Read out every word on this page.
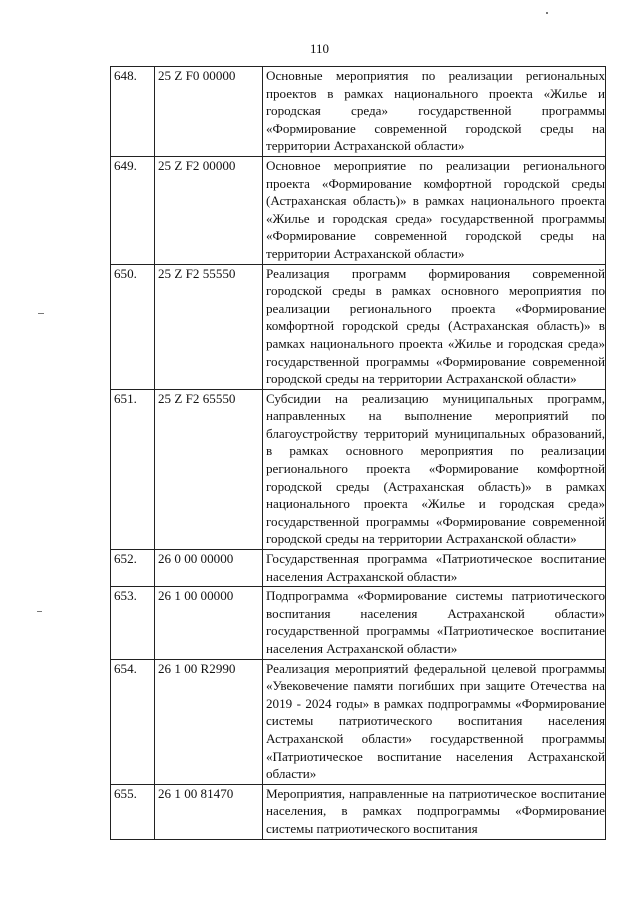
110
648.	25 Z F0 00000	Основные мероприятия по реализации региональных проектов в рамках национального проекта «Жилье и городская среда» государственной программы «Формирование современной городской среды на территории Астраханской области»
649.	25 Z F2 00000	Основное мероприятие по реализации регионального проекта «Формирование комфортной городской среды (Астраханская область)» в рамках национального проекта «Жилье и городская среда» государственной программы «Формирование современной городской среды на территории Астраханской области»
650.	25 Z F2 55550	Реализация программ формирования современной городской среды в рамках основного мероприятия по реализации регионального проекта «Формирование комфортной городской среды (Астраханская область)» в рамках национального проекта «Жилье и городская среда» государственной программы «Формирование современной городской среды на территории Астраханской области»
651.	25 Z F2 65550	Субсидии на реализацию муниципальных программ, направленных на выполнение мероприятий по благоустройству территорий муниципальных образований, в рамках основного мероприятия по реализации регионального проекта «Формирование комфортной городской среды (Астраханская область)» в рамках национального проекта «Жилье и городская среда» государственной программы «Формирование современной городской среды на территории Астраханской области»
652.	26 0 00 00000	Государственная программа «Патриотическое воспитание населения Астраханской области»
653.	26 1 00 00000	Подпрограмма «Формирование системы патриотического воспитания населения Астраханской области» государственной программы «Патриотическое воспитание населения Астраханской области»
654.	26 1 00 R2990	Реализация мероприятий федеральной целевой программы «Увековечение памяти погибших при защите Отечества на 2019 - 2024 годы» в рамках подпрограммы «Формирование системы патриотического воспитания населения Астраханской области» государственной программы «Патриотическое воспитание населения Астраханской области»
655.	26 1 00 81470	Мероприятия, направленные на патриотическое воспитание населения, в рамках подпрограммы «Формирование системы патриотического воспитания
